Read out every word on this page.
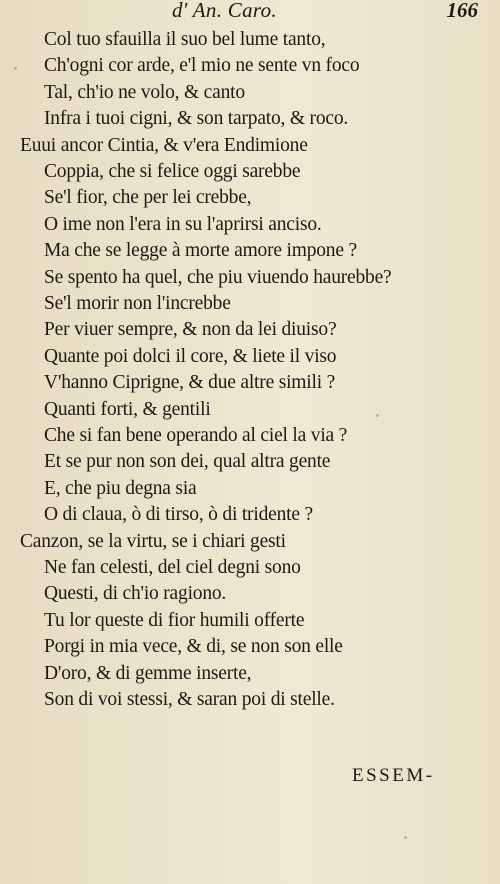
d' An. Caro.	166
Col tuo sfauilla il suo bel lume tanto,
Ch'ogni cor arde, e'l mio ne sente vn foco
Tal, ch'io ne volo, & canto
Infra i tuoi cigni, & son tarpato, & roco.
Euui ancor Cintia, & v'era Endimione
Coppia, che si felice oggi sarebbe
Se'l fior, che per lei crebbe,
O ime non l'era in su l'aprirsi anciso.
Ma che se legge à morte amore impone ?
Se spento ha quel, che piu viuendo haurebbe?
Se'l morir non l'increbbe
Per viuer sempre, & non da lei diuiso?
Quante poi dolci il core, & liete il viso
V'hanno Ciprigne, & due altre simili ?
Quanti forti, & gentili
Che si fan bene operando al ciel la via ?
Et se pur non son dei, qual altra gente
E, che piu degna sia
O di claua, ò di tirso, ò di tridente ?
Canzon, se la virtu, se i chiari gesti
Ne fan celesti, del ciel degni sono
Questi, di ch'io ragiono.
Tu lor queste di fior humili offerte
Porgi in mia vece, & di, se non son elle
D'oro, & di gemme inserte,
Son di voi stessi, & saran poi di stelle.
ESSEM-
